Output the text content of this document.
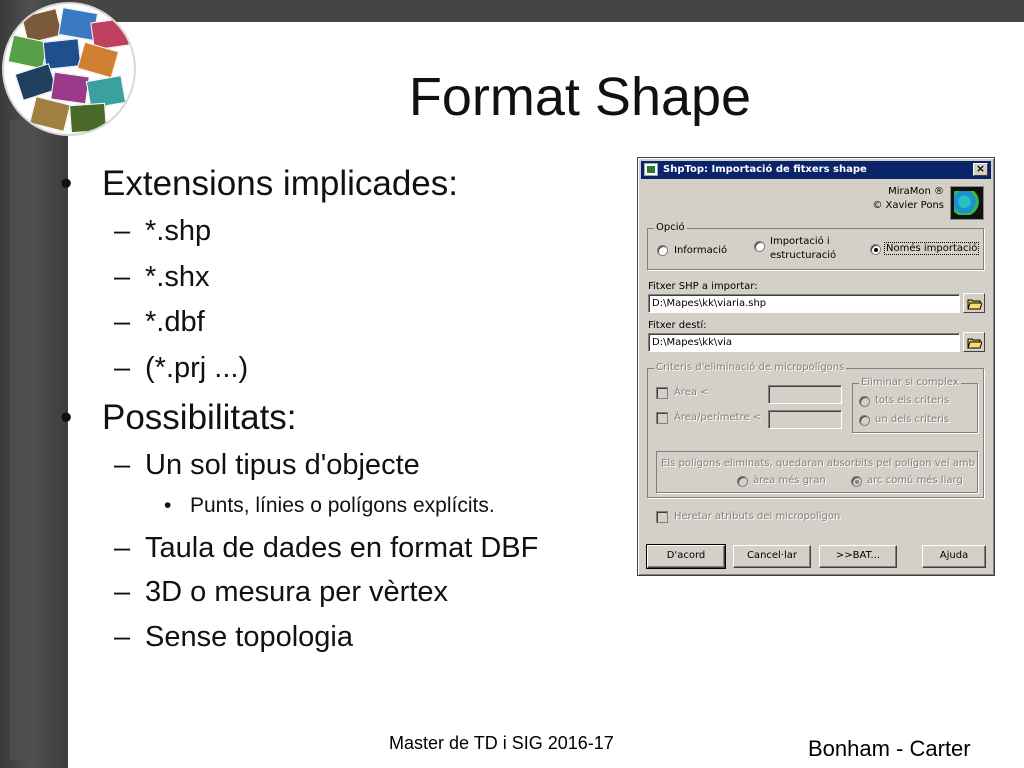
Format Shape
• Extensions implicades:
– *.shp
– *.shx
– *.dbf
– (*.prj ...)
• Possibilitats:
– Un sol tipus d'objecte
• Punts, línies o polígons explícits.
– Taula de dades en format DBF
– 3D o mesura per vèrtex
– Sense topologia
ShpTop: Importació de fitxers shape	×
MiraMon ®
© Xavier Pons
Opció
Informació
Importació i
estructuració
Només importació
Fitxer SHP a importar:
D:\Mapes\kk\viaria.shp
Fitxer destí:
D:\Mapes\kk\via
Criteris d'eliminació de micropolígons
Àrea <
Àrea/perímetre <
Eliminar si complex
tots els criteris
un dels criteris
Els polígons eliminats, quedaran absorbits pel polígon veí amb
àrea més gran	arc comú més llarg
Heretar atributs del micropolígon
D'acord	Cancel·lar	>>BAT...	Ajuda
Master de TD i SIG 2016-17	Bonham - Carter
